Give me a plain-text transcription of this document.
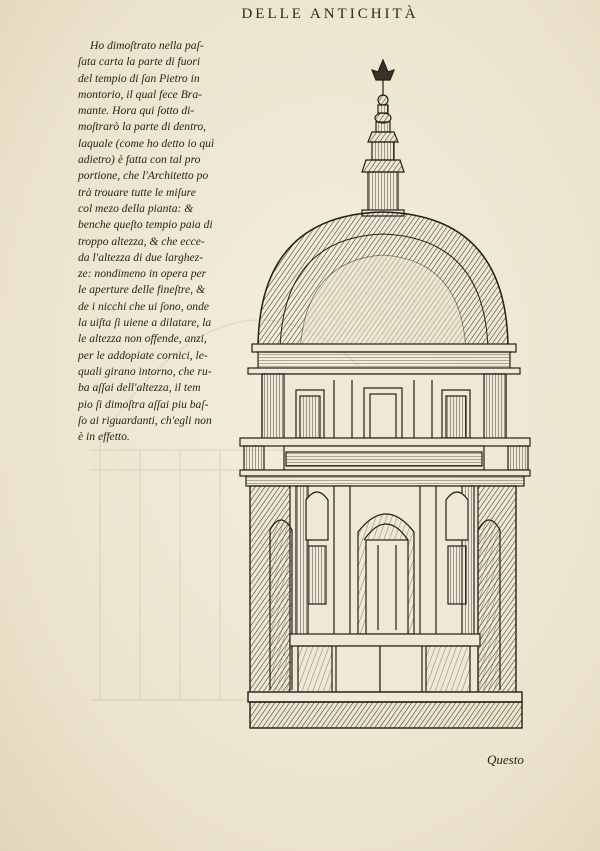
DELLE ANTICHITÀ
Ho dimoſtrato nella paſ-
ſata carta la parte di fuori
del tempio di ſan Pietro in
montorio, il qual fece Bra-
mante. Hora qui ſotto di-
moſtrarò la parte di dentro,
laquale (come ho detto io quì
adietro) è fatta con tal pro
portione, che l'Architetto po
trà trouare tutte le miſure
col mezo della pianta: &
benche queſto tempio paia di
troppo altezza, & che ecce-
da l'altezza di due larghez-
ze: nondimeno in opera per
le aperture delle fineſtre, &
de i nicchi che ui ſono, onde
la uiſta ſi uiene a dilatare, la
le altezza non offende, anzi,
per le addopiate cornici, le-
quali girano intorno, che ru-
ba aſſai dell'altezza, il tem
pio ſi dimoſtra aſſai piu baſ-
ſo ai riguardanti, ch'egli non
è in effetto.
Questo
